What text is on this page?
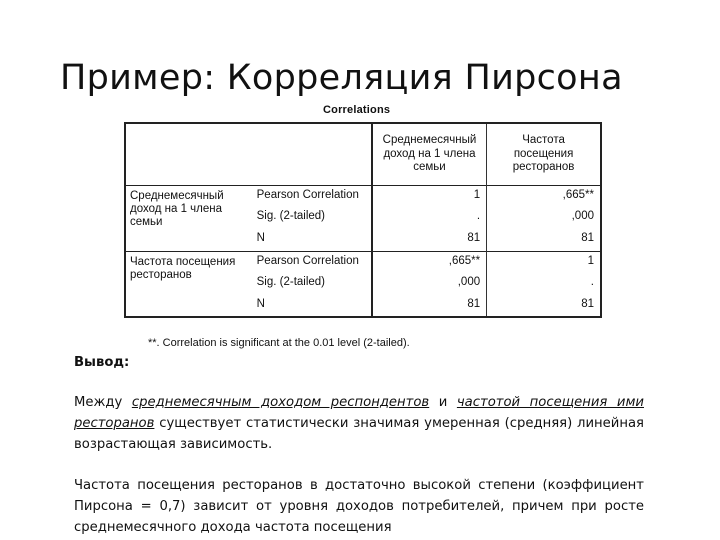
Пример: Корреляция Пирсона
Correlations
		Среднемесячный доход на 1 члена семьи	Частота посещения ресторанов
Среднемесячный доход на 1 члена семьи	Pearson Correlation	1	,665**
	Sig. (2-tailed)	.	,000
	N	81	81
Частота посещения ресторанов	Pearson Correlation	,665**	1
	Sig. (2-tailed)	,000	.
	N	81	81
**. Correlation is significant at the 0.01 level (2-tailed).
Вывод:

Между среднемесячным доходом респондентов и частотой посещения ими ресторанов существует статистически значимая умеренная (средняя) линейная возрастающая зависимость.

Частота посещения ресторанов в достаточно высокой степени (коэффициент Пирсона = 0,7) зависит от уровня доходов потребителей, причем при росте среднемесячного дохода частота посещения
